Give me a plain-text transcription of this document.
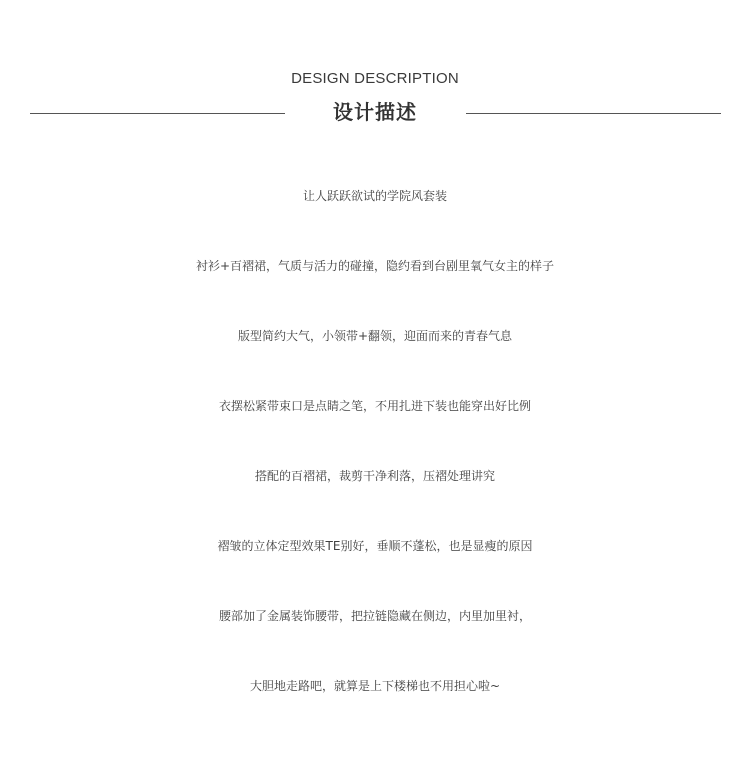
DESIGN DESCRIPTION
设计描述
让人跃跃欲试的学院风套装
衬衫+百褶裙，气质与活力的碰撞，隐约看到台剧里氧气女主的样子
版型简约大气，小领带+翻领，迎面而来的青春气息
衣摆松紧带束口是点睛之笔，不用扎进下装也能穿出好比例
搭配的百褶裙，裁剪干净利落，压褶处理讲究
褶皱的立体定型效果TE别好，垂顺不蓬松，也是显瘦的原因
腰部加了金属装饰腰带，把拉链隐藏在侧边，内里加里衬，
大胆地走路吧，就算是上下楼梯也不用担心啦~
